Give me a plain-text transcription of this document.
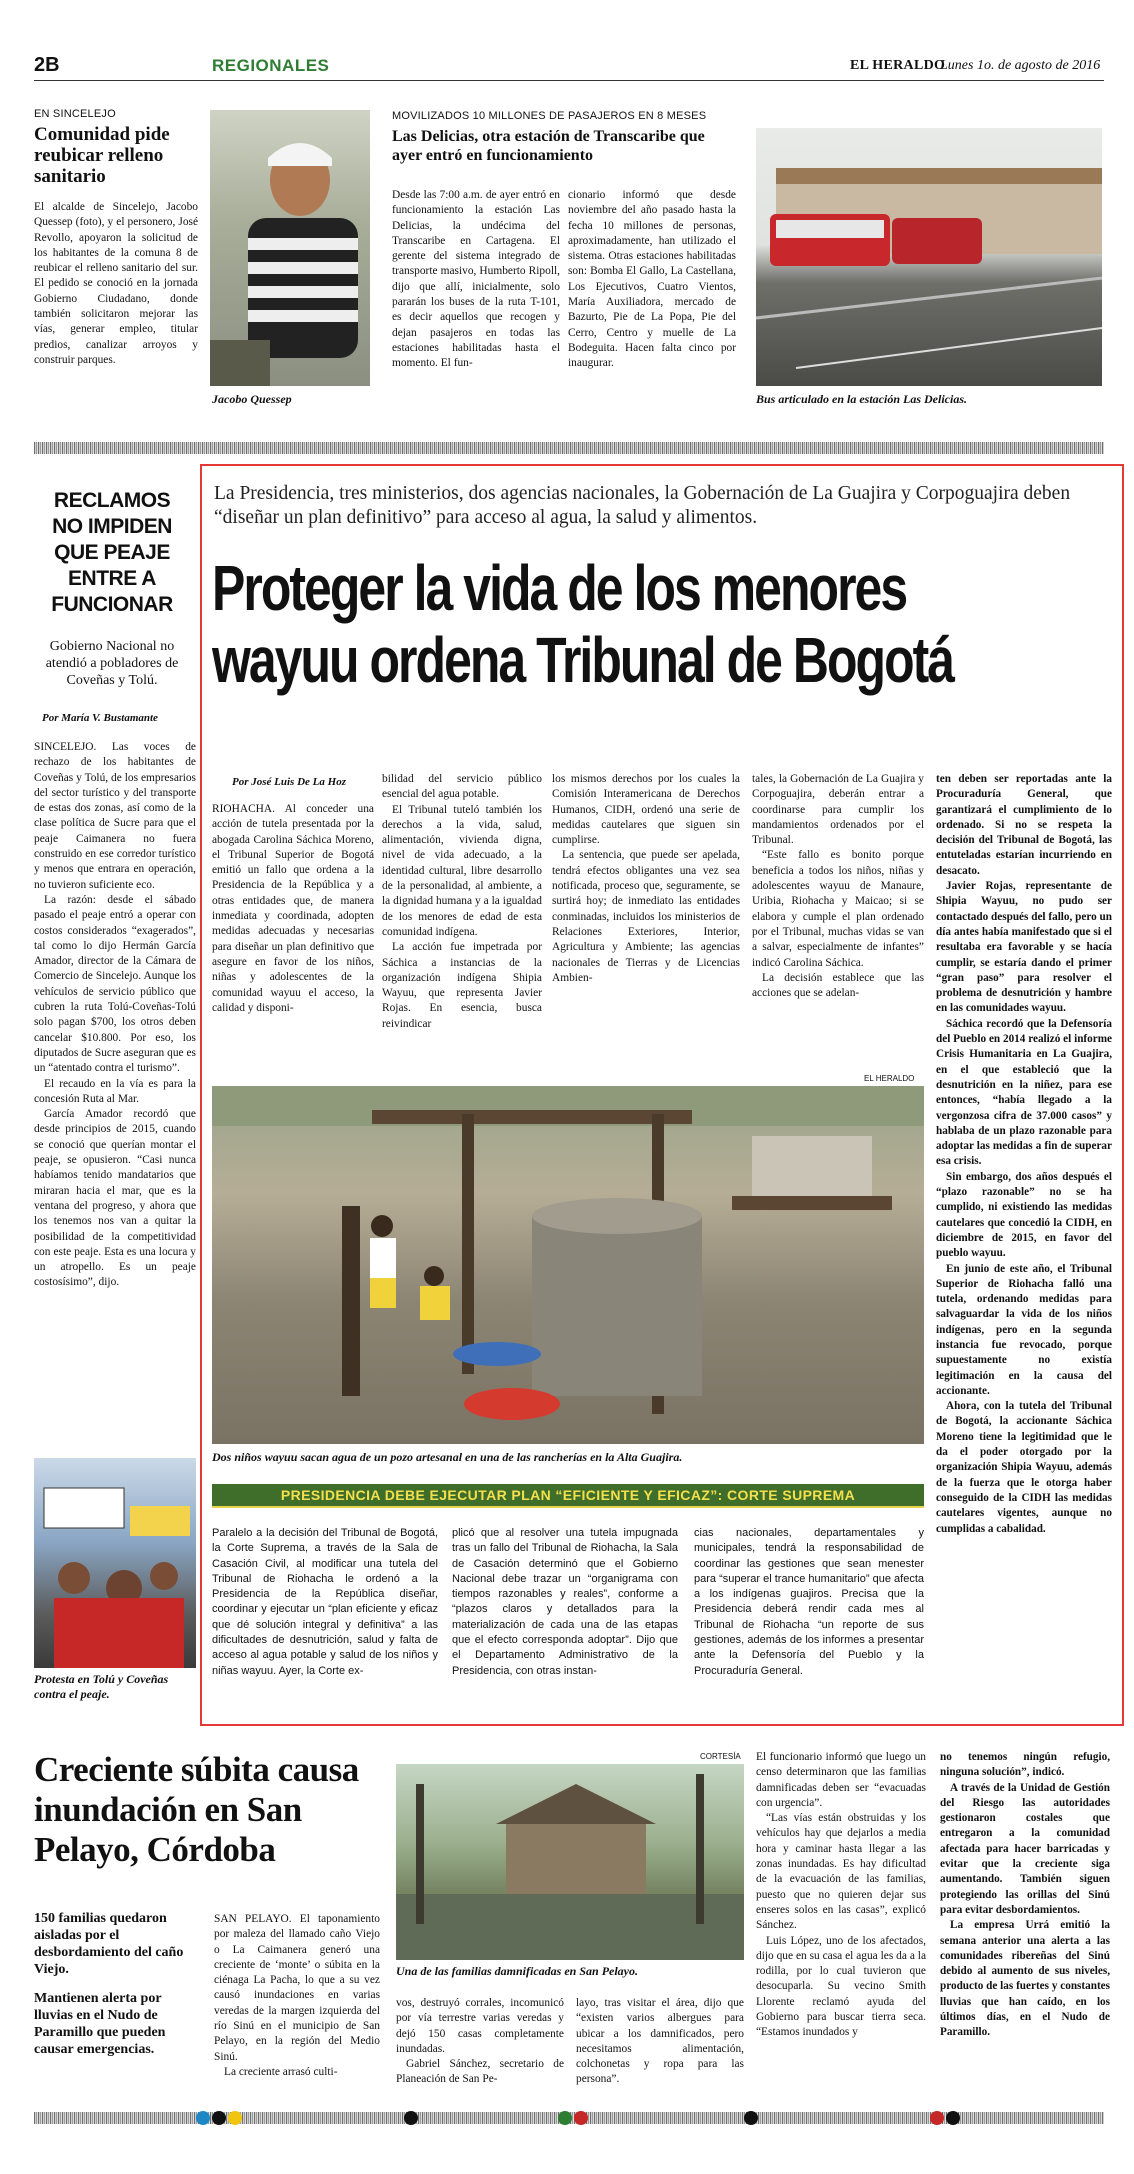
2B	REGIONALES	EL HERALDO
Lunes 1o. de agosto de 2016
EN SINCELEJO
Comunidad pide reubicar relleno sanitario
El alcalde de Sincelejo, Jacobo Quessep (foto), y el personero, José Revollo, apoyaron la solicitud de los habitantes de la comuna 8 de reubicar el relleno sanitario del sur. El pedido se conoció en la jornada Gobierno Ciudadano, donde también solicitaron mejorar las vías, generar empleo, titular predios, canalizar arroyos y construir parques.
Jacobo Quessep
MOVILIZADOS 10 MILLONES DE PASAJEROS EN 8 MESES
Las Delicias, otra estación de Transcaribe que ayer entró en funcionamiento
Desde las 7:00 a.m. de ayer entró en funcionamiento la estación Las Delicias, la undécima del Transcaribe en Cartagena. El gerente del sistema integrado de transporte masivo, Humberto Ripoll, dijo que allí, inicialmente, solo pararán los buses de la ruta T-101, es decir aquellos que recogen y dejan pasajeros en todas las estaciones habilitadas hasta el momento. El fun-
cionario informó que desde noviembre del año pasado hasta la fecha 10 millones de personas, aproximadamente, han utilizado el sistema. Otras estaciones habilitadas son: Bomba El Gallo, La Castellana, Los Ejecutivos, Cuatro Vientos, María Auxiliadora, mercado de Bazurto, Pie de La Popa, Pie del Cerro, Centro y muelle de La Bodeguita. Hacen falta cinco por inaugurar.
Bus articulado en la estación Las Delicias.
RECLAMOS NO IMPIDEN QUE PEAJE ENTRE A FUNCIONAR
Gobierno Nacional no atendió a pobladores de Coveñas y Tolú.
Por María V. Bustamante

SINCELEJO. Las voces de rechazo de los habitantes de Coveñas y Tolú, de los empresarios del sector turístico y del transporte de estas dos zonas, así como de la clase política de Sucre para que el peaje Caimanera no fuera construido en ese corredor turístico y menos que entrara en operación, no tuvieron suficiente eco.

La razón: desde el sábado pasado el peaje entró a operar con costos considerados “exagerados”, tal como lo dijo Hermán García Amador, director de la Cámara de Comercio de Sincelejo. Aunque los vehículos de servicio público que cubren la ruta Tolú-Coveñas-Tolú solo pagan $700, los otros deben cancelar $10.800. Por eso, los diputados de Sucre aseguran que es un “atentado contra el turismo”.

El recaudo en la vía es para la concesión Ruta al Mar.

García Amador recordó que desde principios de 2015, cuando se conoció que querían montar el peaje, se opusieron. “Casi nunca habíamos tenido mandatarios que miraran hacia el mar, que es la ventana del progreso, y ahora que los tenemos nos van a quitar la posibilidad de la competitividad con este peaje. Esta es una locura y un atropello. Es un peaje costosísimo”, dijo.

Protesta en Tolú y Coveñas contra el peaje.
La Presidencia, tres ministerios, dos agencias nacionales, la Gobernación de La Guajira y Corpoguajira deben “diseñar un plan definitivo” para acceso al agua, la salud y alimentos.
Proteger la vida de los menores
wayuu ordena Tribunal de Bogotá
Por José Luis De La Hoz
RIOHACHA. Al conceder una acción de tutela presentada por la abogada Carolina Sáchica Moreno, el Tribunal Superior de Bogotá emitió un fallo que ordena a la Presidencia de la República y a otras entidades que, de manera inmediata y coordinada, adopten medidas adecuadas y necesarias para diseñar un plan definitivo que asegure en favor de los niños, niñas y adolescentes de la comunidad wayuu el acceso, la calidad y disponi-

bilidad del servicio público esencial del agua potable.

El Tribunal tuteló también los derechos a la vida, salud, alimentación, vivienda digna, nivel de vida adecuado, a la identidad cultural, libre desarrollo de la personalidad, al ambiente, a la dignidad humana y a la igualdad de los menores de edad de esta comunidad indígena.

La acción fue impetrada por Sáchica a instancias de la organización indígena Shipia Wayuu, que representa Javier Rojas. En esencia, busca reivindicar

los mismos derechos por los cuales la Comisión Interamericana de Derechos Humanos, CIDH, ordenó una serie de medidas cautelares que siguen sin cumplirse.

La sentencia, que puede ser apelada, tendrá efectos obligantes una vez sea notificada, proceso que, seguramente, se surtirá hoy; de inmediato las entidades conminadas, incluidos los ministerios de Relaciones Exteriores, Interior, Agricultura y Ambiente; las agencias nacionales de Tierras y de Licencias Ambien-

tales, la Gobernación de La Guajira y Corpoguajira, deberán entrar a coordinarse para cumplir los mandamientos ordenados por el Tribunal.

“Este fallo es bonito porque beneficia a todos los niños, niñas y adolescentes wayuu de Manaure, Uribia, Riohacha y Maicao; si se elabora y cumple el plan ordenado por el Tribunal, muchas vidas se van a salvar, especialmente de infantes” indicó Carolina Sáchica.

La decisión establece que las acciones que se adelan-

ten deben ser reportadas ante la Procuraduría General, que garantizará el cumplimiento de lo ordenado. Si no se respeta la decisión del Tribunal de Bogotá, las entuteladas estarían incurriendo en desacato.

Javier Rojas, representante de Shipia Wayuu, no pudo ser contactado después del fallo, pero un día antes había manifestado que si el resultaba era favorable y se hacía cumplir, se estaría dando el primer “gran paso” para resolver el problema de desnutrición y hambre en las comunidades wayuu.

Sáchica recordó que la Defensoría del Pueblo en 2014 realizó el informe Crisis Humanitaria en La Guajira, en el que estableció que la desnutrición en la niñez, para ese entonces, “había llegado a la vergonzosa cifra de 37.000 casos” y hablaba de un plazo razonable para adoptar las medidas a fin de superar esa crisis.

Sin embargo, dos años después el “plazo razonable” no se ha cumplido, ni existiendo las medidas cautelares que concedió la CIDH, en diciembre de 2015, en favor del pueblo wayuu.

En junio de este año, el Tribunal Superior de Riohacha falló una tutela, ordenando medidas para salvaguardar la vida de los niños indígenas, pero en la segunda instancia fue revocado, porque supuestamente no existía legitimación en la causa del accionante.

Ahora, con la tutela del Tribunal de Bogotá, la accionante Sáchica Moreno tiene la legitimidad que le da el poder otorgado por la organización Shipia Wayuu, además de la fuerza que le otorga haber conseguido de la CIDH las medidas cautelares vigentes, aunque no cumplidas a cabalidad.

EL HERALDO
Dos niños wayuu sacan agua de un pozo artesanal en una de las rancherías en la Alta Guajira.
PRESIDENCIA DEBE EJECUTAR PLAN “EFICIENTE Y EFICAZ”: CORTE SUPREMA
Paralelo a la decisión del Tribunal de Bogotá, la Corte Suprema, a través de la Sala de Casación Civil, al modificar una tutela del Tribunal de Riohacha le ordenó a la Presidencia de la República diseñar, coordinar y ejecutar un “plan eficiente y eficaz que dé solución integral y definitiva” a las dificultades de desnutrición, salud y falta de acceso al agua potable y salud de los niños y niñas wayuu. Ayer, la Corte ex-
plicó que al resolver una tutela impugnada tras un fallo del Tribunal de Riohacha, la Sala de Casación determinó que el Gobierno Nacional debe trazar un “organigrama con tiempos razonables y reales”, conforme a “plazos claros y detallados para la materialización de cada una de las etapas que el efecto corresponda adoptar”. Dijo que el Departamento Administrativo de la Presidencia, con otras instan-
cias nacionales, departamentales y municipales, tendrá la responsabilidad de coordinar las gestiones que sean menester para “superar el trance humanitario” que afecta a los indígenas guajiros. Precisa que la Presidencia deberá rendir cada mes al Tribunal de Riohacha “un reporte de sus gestiones, además de los informes a presentar ante la Defensoría del Pueblo y la Procuraduría General.
Creciente súbita causa inundación en San Pelayo, Córdoba
150 familias quedaron aisladas por el desbordamiento del caño Viejo.
Mantienen alerta por lluvias en el Nudo de Paramillo que pueden causar emergencias.

SAN PELAYO. El taponamiento por maleza del llamado caño Viejo o La Caimanera generó una creciente de ‘monte’ o súbita en la ciénaga La Pacha, lo que a su vez causó inundaciones en varias veredas de la margen izquierda del río Sinú en el municipio de San Pelayo, en la región del Medio Sinú.

La creciente arrasó culti-

CORTESÍA
Una de las familias damnificadas en San Pelayo.

vos, destruyó corrales, incomunicó por vía terrestre varias veredas y dejó 150 casas completamente inundadas.

Gabriel Sánchez, secretario de Planeación de San Pe-

layo, tras visitar el área, dijo que “existen varios albergues para ubicar a los damnificados, pero necesitamos alimentación, colchonetas y ropa para las persona”.

El funcionario informó que luego un censo determinaron que las familias damnificadas deben ser “evacuadas con urgencia”.

“Las vías están obstruidas y los vehículos hay que dejarlos a media hora y caminar hasta llegar a las zonas inundadas. Es hay dificultad de la evacuación de las familias, puesto que no quieren dejar sus enseres solos en las casas”, explicó Sánchez.

Luis López, uno de los afectados, dijo que en su casa el agua les da a la rodilla, por lo cual tuvieron que desocuparla. Su vecino Smith Llorente reclamó ayuda del Gobierno para buscar tierra seca. “Estamos inundados y

no tenemos ningún refugio, ninguna solución”, indicó.

A través de la Unidad de Gestión del Riesgo las autoridades gestionaron costales que entregaron a la comunidad afectada para hacer barricadas y evitar que la creciente siga aumentando. También siguen protegiendo las orillas del Sinú para evitar desbordamientos.

La empresa Urrá emitió la semana anterior una alerta a las comunidades ribereñas del Sinú debido al aumento de sus niveles, producto de las fuertes y constantes lluvias que han caído, en los últimos días, en el Nudo de Paramillo.
